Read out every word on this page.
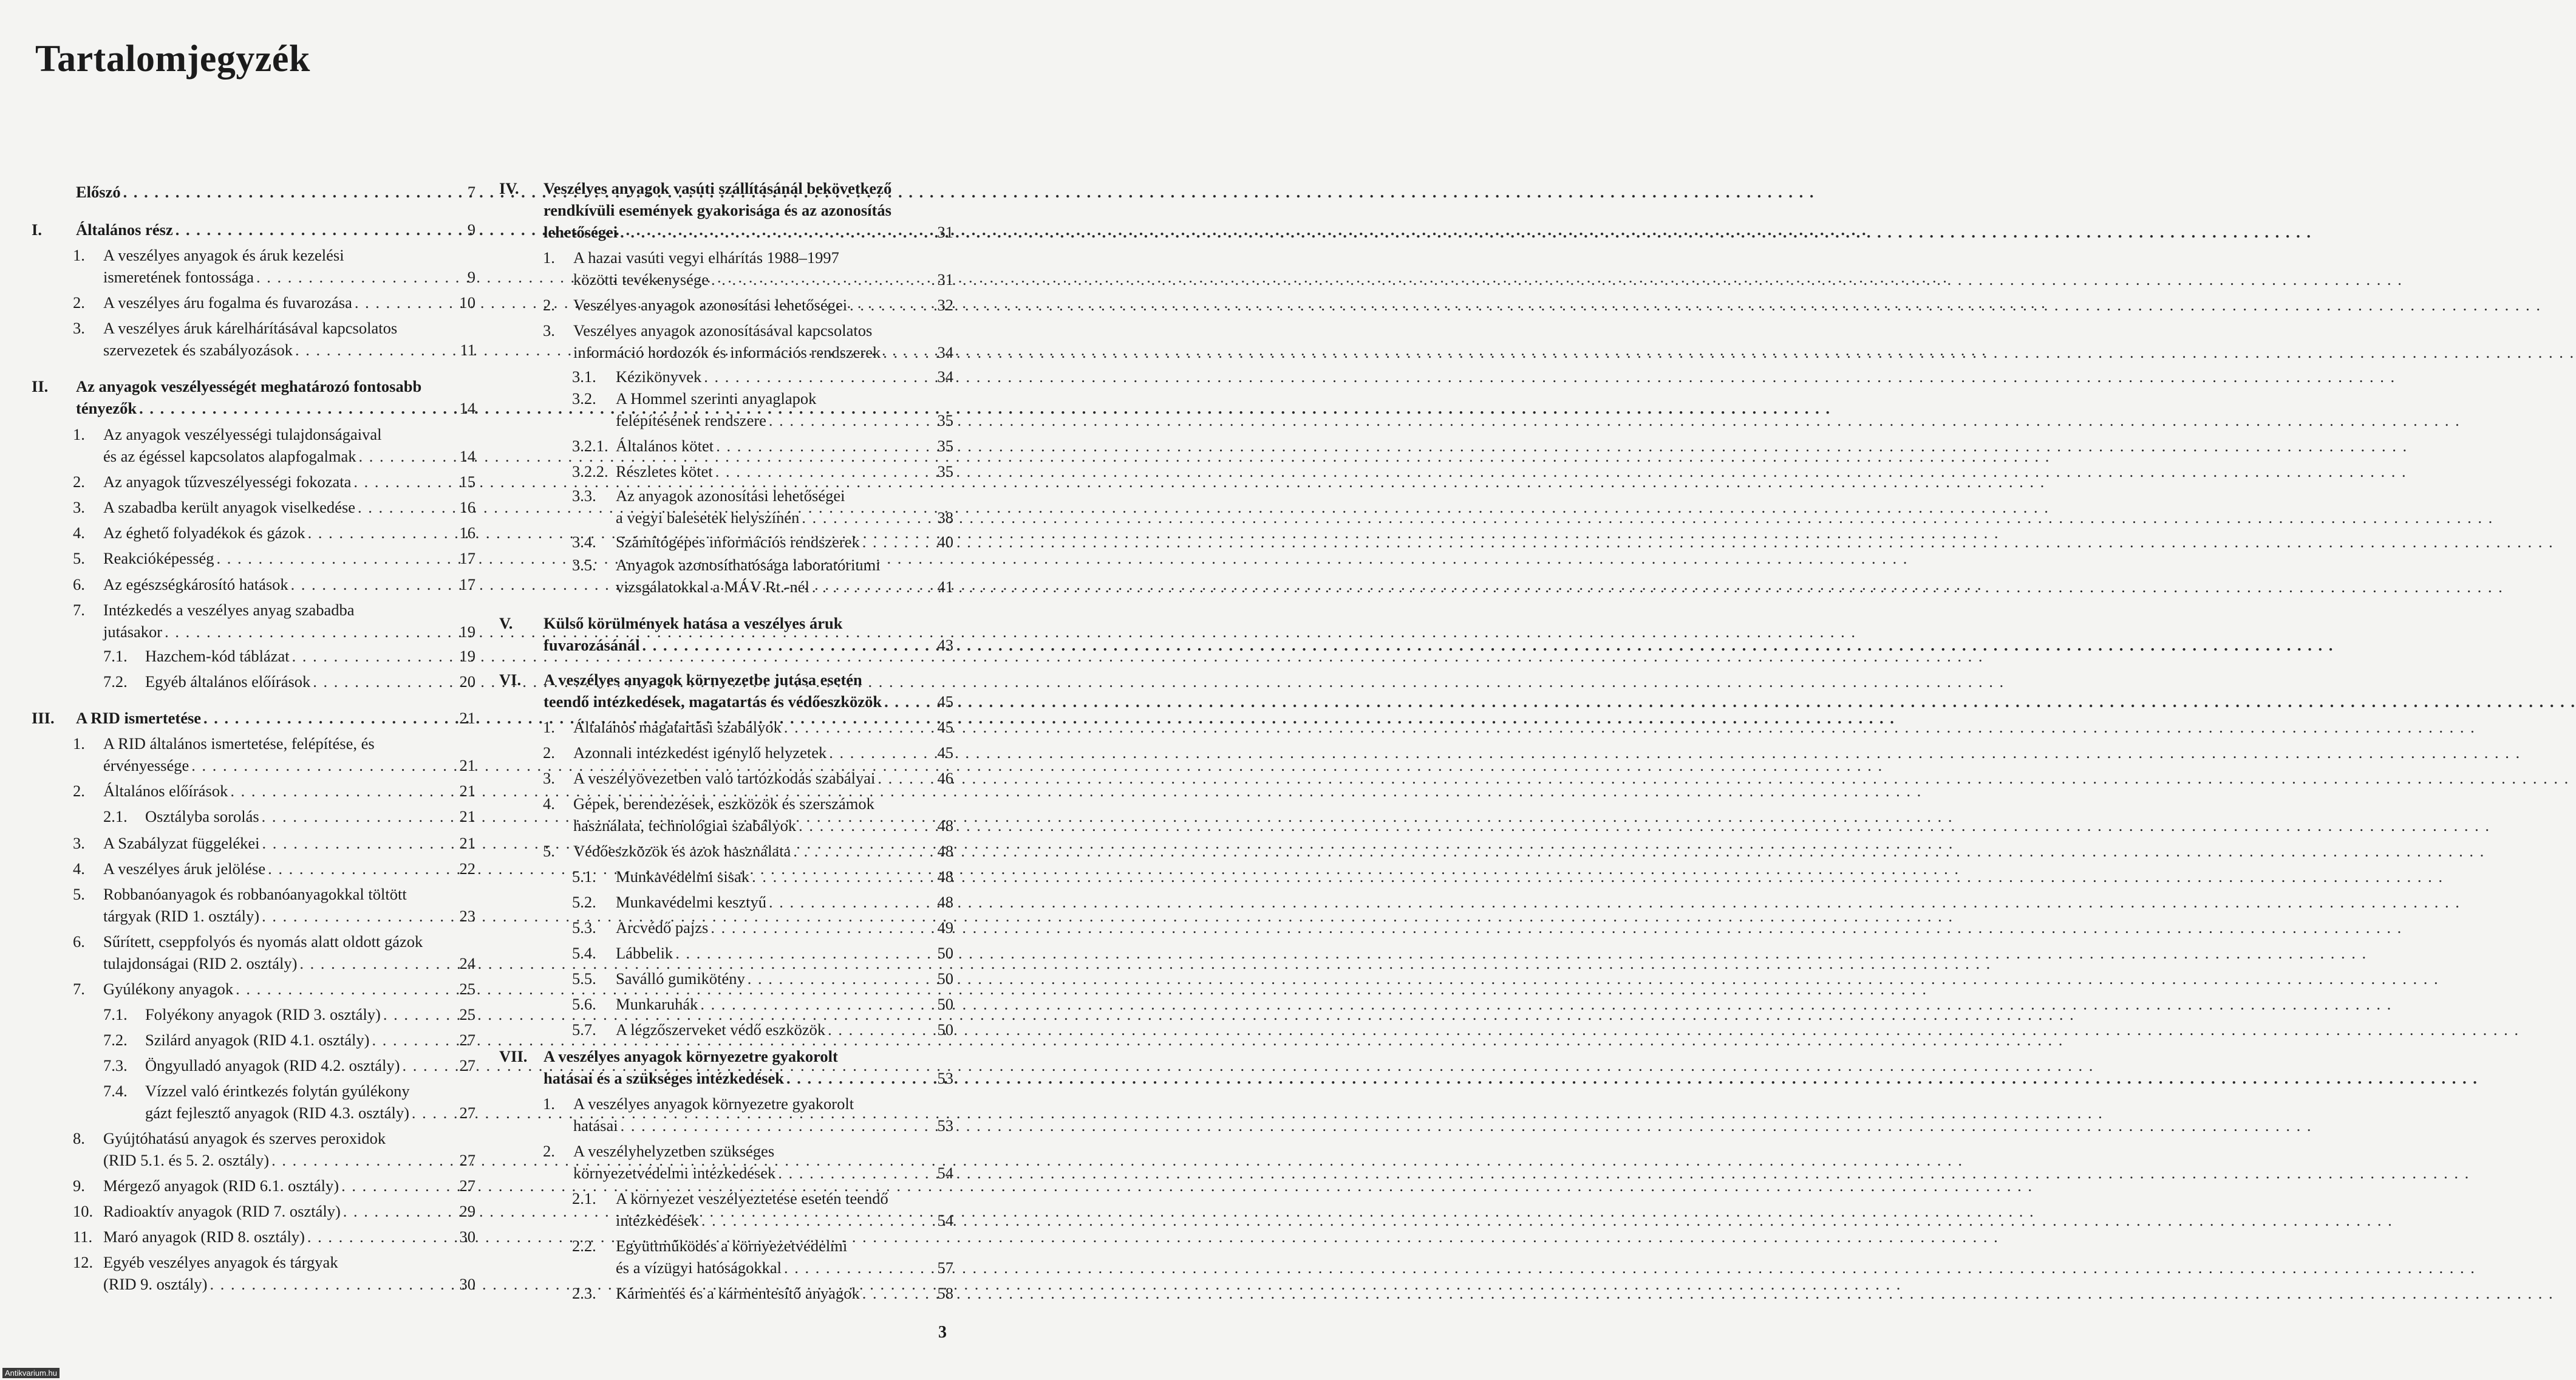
Tartalomjegyzék
Előszó . . .	7
I. Általános rész . . .	9
1. A veszélyes anyagok és áruk kezelési
ismeretének fontossága . . .	9
2. A veszélyes áru fogalma és fuvarozása . . .	10
3. A veszélyes áruk kárelhárításával kapcsolatos
szervezetek és szabályozások . . .	11
II. Az anyagok veszélyességét meghatározó fontosabb
tényezők . . .	14
1. Az anyagok veszélyességi tulajdonságaival
és az égéssel kapcsolatos alapfogalmak . . .	14
2. Az anyagok tűzveszélyességi fokozata . . .	15
3. A szabadba került anyagok viselkedése . . .	16
4. Az éghető folyadékok és gázok . . .	16
5. Reakcióképesség . . .	17
6. Az egészségkárosító hatások . . .	17
7. Intézkedés a veszélyes anyag szabadba
jutásakor . . .	19
7.1. Hazchem-kód táblázat . . .	19
7.2. Egyéb általános előírások . . .	20
III. A RID ismertetése . . .	21
1. A RID általános ismertetése, felépítése, és
érvényessége . . .	21
2. Általános előírások . . .	21
2.1. Osztályba sorolás . . .	21
3. A Szabályzat függelékei . . .	21
4. A veszélyes áruk jelölése . . .	22
5. Robbanóanyagok és robbanóanyagokkal töltött
tárgyak (RID 1. osztály) . . .	23
6. Sűrített, cseppfolyós és nyomás alatt oldott gázok
tulajdonságai (RID 2. osztály) . . .	24
7. Gyúlékony anyagok . . .	25
7.1. Folyékony anyagok (RID 3. osztály) . . .	25
7.2. Szilárd anyagok (RID 4.1. osztály) . . .	27
7.3. Öngyulladó anyagok (RID 4.2. osztály) . . .	27
7.4. Vízzel való érintkezés folytán gyúlékony
gázt fejlesztő anyagok (RID 4.3. osztály) . . .	27
8. Gyújtóhatású anyagok és szerves peroxidok
(RID 5.1. és 5. 2. osztály) . . .	27
9. Mérgező anyagok (RID 6.1. osztály) . . .	27
10. Radioaktív anyagok (RID 7. osztály) . . .	29
11. Maró anyagok (RID 8. osztály) . . .	30
12. Egyéb veszélyes anyagok és tárgyak
(RID 9. osztály) . . .	30
IV. Veszélyes anyagok vasúti szállításánál bekövetkező
rendkívüli események gyakorisága és az azonosítás
lehetőségei . . .	31
1. A hazai vasúti vegyi elhárítás 1988–1997
közötti tevékenysége . . .	31
2. Veszélyes anyagok azonosítási lehetőségei . . .	32
3. Veszélyes anyagok azonosításával kapcsolatos
információ hordozók és információs rendszerek . . .	34
3.1. Kézikönyvek . . .	34
3.2. A Hommel szerinti anyaglapok
felépítésének rendszere . . .	35
3.2.1. Általános kötet . . .	35
3.2.2. Részletes kötet . . .	35
3.3. Az anyagok azonosítási lehetőségei
a vegyi balesetek helyszínén . . .	38
3.4. Számítógépes információs rendszerek . . .	40
3.5. Anyagok azonosíthatósága laboratóriumi
vizsgálatokkal a MÁV Rt.-nél . . .	41
V. Külső körülmények hatása a veszélyes áruk
fuvarozásánál . . .	43
VI. A veszélyes anyagok környezetbe jutása esetén
teendő intézkedések, magatartás és védőeszközök . . .	45
1. Általános magatartási szabályok . . .	45
2. Azonnali intézkedést igénylő helyzetek . . .	45
3. A veszélyövezetben való tartózkodás szabályai . . .	46
4. Gépek, berendezések, eszközök és szerszámok
használata, technológiai szabályok . . .	48
5. Védőeszközök és azok használata . . .	48
5.1. Munkavédelmi sisak . . .	48
5.2. Munkavédelmi kesztyű . . .	48
5.3. Arcvédő pajzs . . .	49
5.4. Lábbelik . . .	50
5.5. Saválló gumikötény . . .	50
5.6. Munkaruhák . . .	50
5.7. A légzőszerveket védő eszközök . . .	50
VII. A veszélyes anyagok környezetre gyakorolt
hatásai és a szükséges intézkedések . . .	53
1. A veszélyes anyagok környezetre gyakorolt
hatásai . . .	53
2. A veszélyhelyzetben szükséges
környezetvédelmi intézkedések . . .	54
2.1. A környezet veszélyeztetése esetén teendő
intézkedések . . .	54
2.2. Együttműködés a környezetvédelmi
és a vízügyi hatóságokkal . . .	57
2.3. Kármentés és a kármentesítő anyagok . . .	58
3
Antikvarium.hu
